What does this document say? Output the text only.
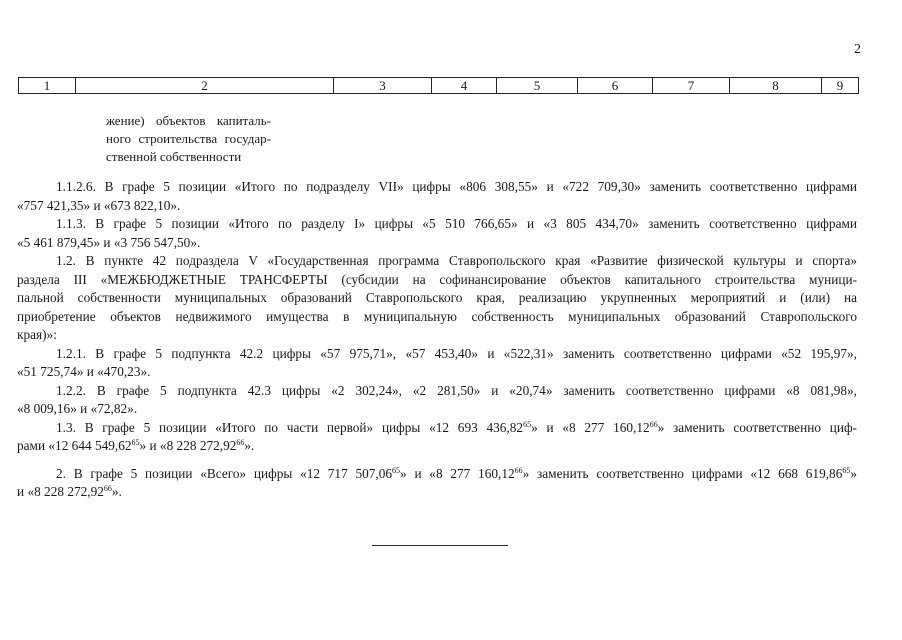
2
1	2	3	4	5	6	7	8	9
жение) объектов капиталь-
ного строительства государ-
ственной собственности

1.1.2.6. В графе 5 позиции «Итого по подразделу VII» цифры «806 308,55» и «722 709,30» заменить соответственно цифрами
«757 421,35» и «673 822,10».

1.1.3. В графе 5 позиции «Итого по разделу I» цифры «5 510 766,65» и «3 805 434,70» заменить соответственно цифрами
«5 461 879,45» и «3 756 547,50».

1.2. В пункте 42 подраздела V «Государственная программа Ставропольского края «Развитие физической культуры и спорта»
раздела III «МЕЖБЮДЖЕТНЫЕ ТРАНСФЕРТЫ (субсидии на софинансирование объектов капитального строительства муници-
пальной собственности муниципальных образований Ставропольского края, реализацию укрупненных мероприятий и (или) на
приобретение объектов недвижимого имущества в муниципальную собственность муниципальных образований Ставропольского
края)»:

1.2.1. В графе 5 подпункта 42.2 цифры «57 975,71», «57 453,40» и «522,31» заменить соответственно цифрами «52 195,97»,
«51 725,74» и «470,23».

1.2.2. В графе 5 подпункта 42.3 цифры «2 302,24», «2 281,50» и «20,74» заменить соответственно цифрами «8 081,98»,
«8 009,16» и «72,82».

1.3. В графе 5 позиции «Итого по части первой» цифры «12 693 436,82$^{65}$» и «8 277 160,12$^{66}$» заменить соответственно циф-
рами «12 644 549,62$^{65}$» и «8 228 272,92$^{66}$».

2. В графе 5 позиции «Всего» цифры «12 717 507,06$^{65}$» и «8 277 160,12$^{66}$» заменить соответственно цифрами «12 668 619,86$^{65}$»
и «8 228 272,92$^{66}$».
